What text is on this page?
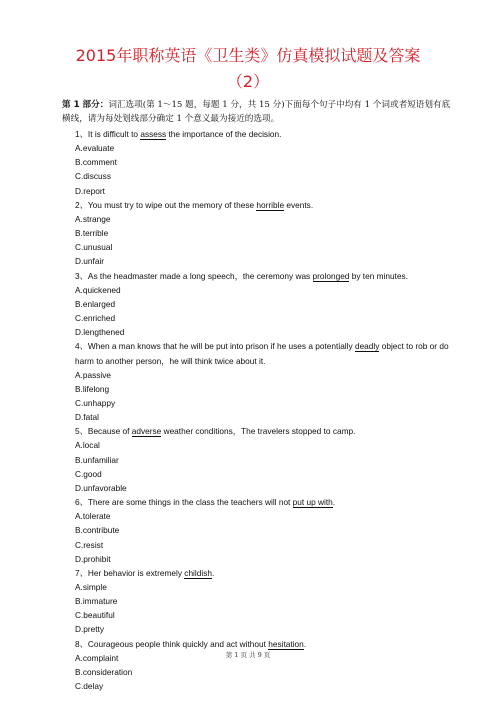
2015年职称英语《卫生类》仿真模拟试题及答案
（2）
第 1 部分：词汇选项(第 1～15 题，每题 1 分，共 15 分)下面每个句子中均有 1 个词或者短语划有底横线，请为每处划线部分确定 1 个意义最为接近的选项。
1、It is difficult to assess the importance of the decision.
A.evaluate
B.comment
C.discuss
D.report
2、You must try to wipe out the memory of these horrible events.
A.strange
B.terrible
C.unusual
D.unfair
3、As the headmaster made a long speech，the ceremony was prolonged by ten minutes.
A.quickened
B.enlarged
C.enriched
D.lengthened
4、When a man knows that he will be put into prison if he uses a potentially deadly object to rob or do harm to another person，he will think twice about it.
A.passive
B.lifelong
C.unhappy
D.fatal
5、Because of adverse weather conditions，The travelers stopped to camp.
A.local
B.unfamiliar
C.good
D.unfavorable
6、There are some things in the class the teachers will not put up with.
A.tolerate
B.contribute
C.resist
D.prohibit
7、Her behavior is extremely childish.
A.simple
B.immature
C.beautiful
D.pretty
8、Courageous people think quickly and act without hesitation.
A.complaint
B.consideration
C.delay
第 1 页 共 9 页
